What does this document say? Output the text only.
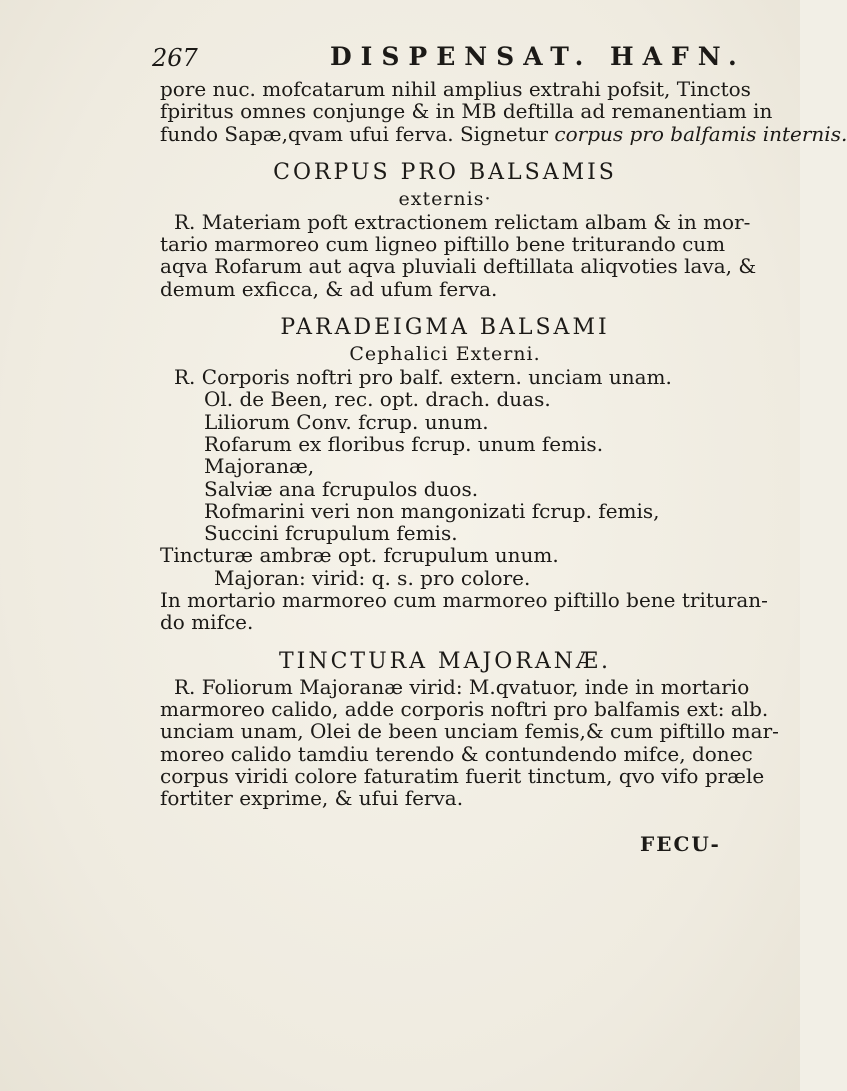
267	DISPENSAT. HAFN.
pore nuc. mofcatarum nihil amplius extrahi pofsit, Tinctos
fpiritus omnes conjunge & in MB deftilla ad remanentiam in
fundo Sapæ,qvam ufui ferva. Signetur corpus pro balfamis internis.
CORPUS PRO BALSAMIS
externis·
R. Materiam poft extractionem relictam albam & in mor-
tario marmoreo cum ligneo piftillo bene triturando cum
aqva Rofarum aut aqva pluviali deftillata aliqvoties lava, &
demum exficca, & ad ufum ferva.
PARADEIGMA BALSAMI
Cephalici Externi.
R. Corporis noftri pro balf. extern. unciam unam.
Ol. de Been, rec. opt. drach. duas.
Liliorum Conv. fcrup. unum.
Rofarum ex floribus fcrup. unum femis.
Majoranæ,
Salviæ ana fcrupulos duos.
Rofmarini veri non mangonizati fcrup. femis,
Succini fcrupulum femis.
Tincturæ ambræ opt. fcrupulum unum.
Majoran: virid: q. s. pro colore.
In mortario marmoreo cum marmoreo piftillo bene trituran-
do mifce.
TINCTURA MAJORANÆ.
R. Foliorum Majoranæ virid: M.qvatuor, inde in mortario
marmoreo calido, adde corporis noftri pro balfamis ext: alb.
unciam unam, Olei de been unciam femis,& cum piftillo mar-
moreo calido tamdiu terendo & contundendo mifce, donec
corpus viridi colore faturatim fuerit tinctum, qvo vifo præle
fortiter exprime, & ufui ferva.
FECU-
